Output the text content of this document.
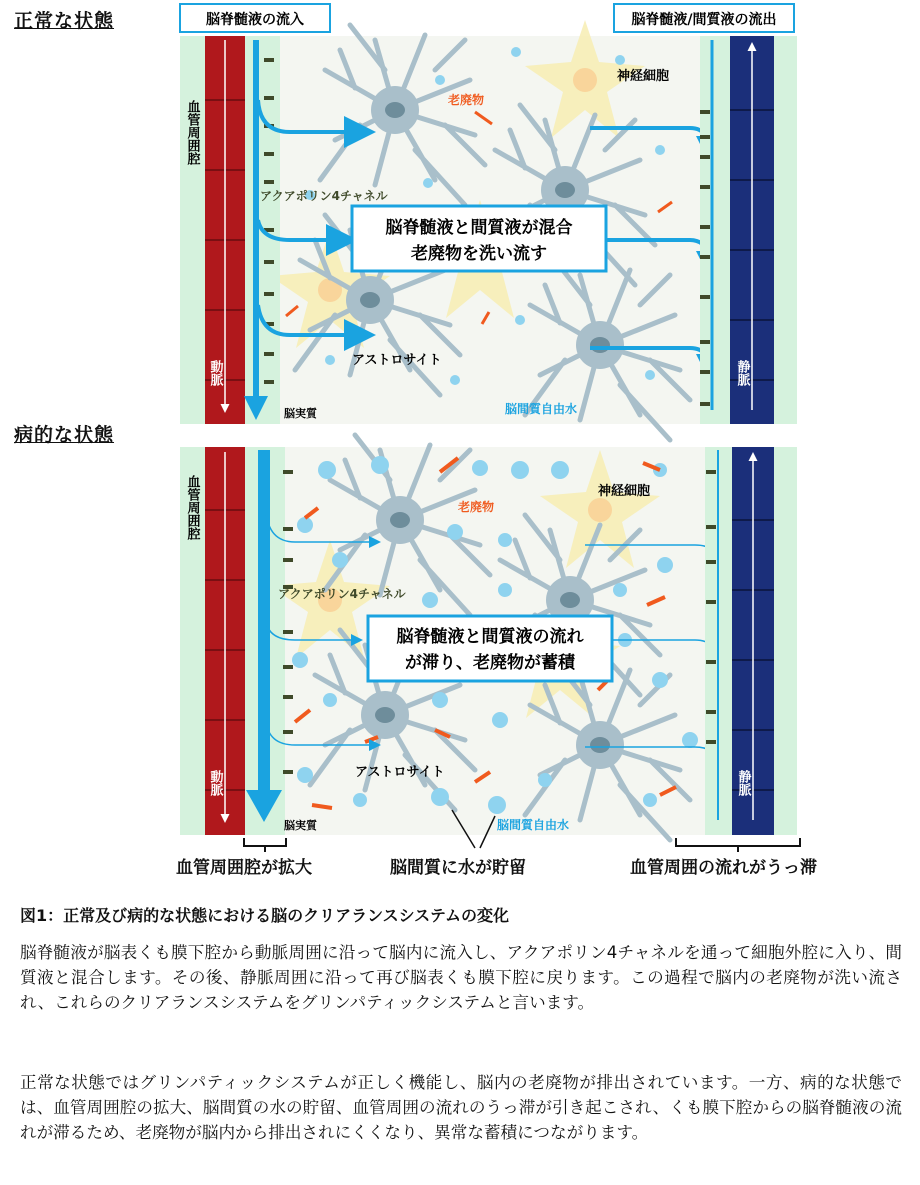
正常な状態
病的な状態
脳脊髄液の流入	脳脊髄液/間質液の流出
血管周囲腔
動脈	静脈
神経細胞
老廃物
アクアポリン4チャネル
アストロサイト
脳実質	脳間質自由水
脳脊髄液と間質液が混合
老廃物を洗い流す
血管周囲腔
動脈	静脈
神経細胞
老廃物
アクアポリン4チャネル
アストロサイト
脳実質	脳間質自由水
脳脊髄液と間質液の流れ
が滞り、老廃物が蓄積
血管周囲腔が拡大	脳間質に水が貯留	血管周囲の流れがうっ滞
図1：正常及び病的な状態における脳のクリアランスシステムの変化
脳脊髄液が脳表くも膜下腔から動脈周囲に沿って脳内に流入し、アクアポリン4チャネルを通って細胞外腔に入り、間質液と混合します。その後、静脈周囲に沿って再び脳表くも膜下腔に戻ります。この過程で脳内の老廃物が洗い流され、これらのクリアランスシステムをグリンパティックシステムと言います。
正常な状態ではグリンパティックシステムが正しく機能し、脳内の老廃物が排出されています。一方、病的な状態では、血管周囲腔の拡大、脳間質の水の貯留、血管周囲の流れのうっ滞が引き起こされ、くも膜下腔からの脳脊髄液の流れが滞るため、老廃物が脳内から排出されにくくなり、異常な蓄積につながります。
